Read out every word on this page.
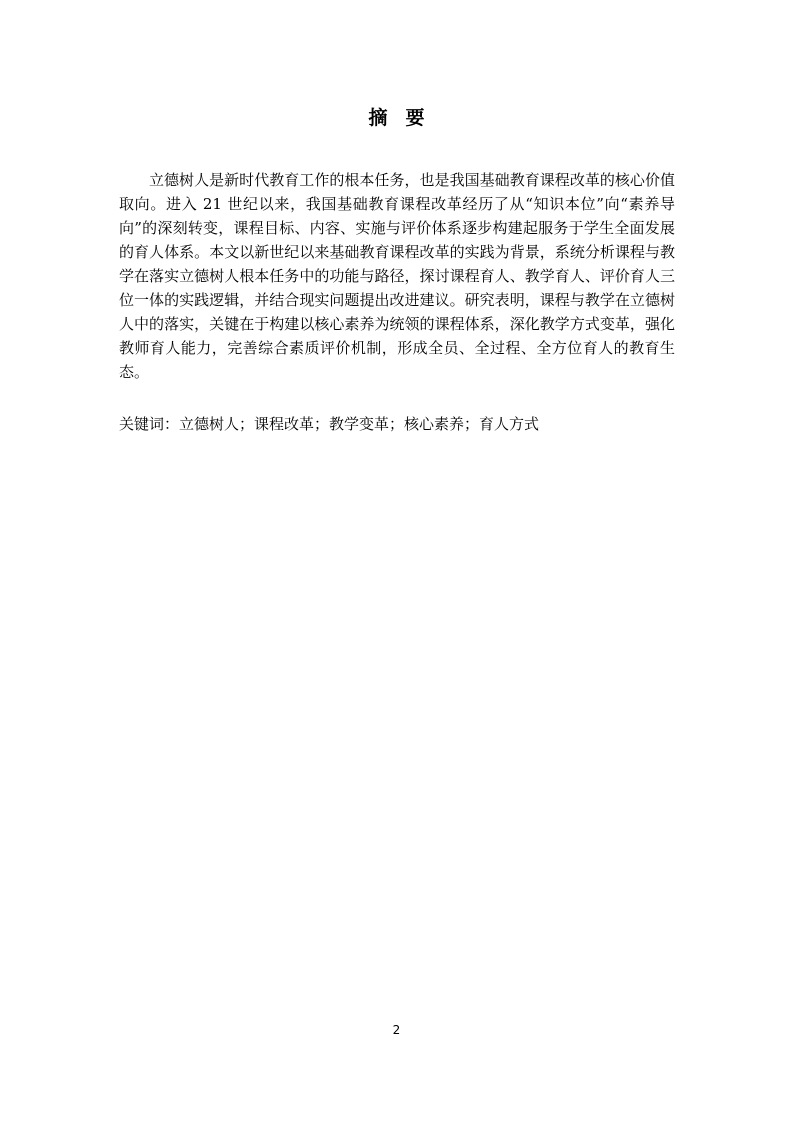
摘要

立德树人是新时代教育工作的根本任务，也是我国基础教育课程改革的核心价值取向。进入 21 世纪以来，我国基础教育课程改革经历了从“知识本位”向“素养导向”的深刻转变，课程目标、内容、实施与评价体系逐步构建起服务于学生全面发展的育人体系。本文以新世纪以来基础教育课程改革的实践为背景，系统分析课程与教学在落实立德树人根本任务中的功能与路径，探讨课程育人、教学育人、评价育人三位一体的实践逻辑，并结合现实问题提出改进建议。研究表明，课程与教学在立德树人中的落实，关键在于构建以核心素养为统领的课程体系，深化教学方式变革，强化教师育人能力，完善综合素质评价机制，形成全员、全过程、全方位育人的教育生态。

关键词：立德树人；课程改革；教学变革；核心素养；育人方式

2
